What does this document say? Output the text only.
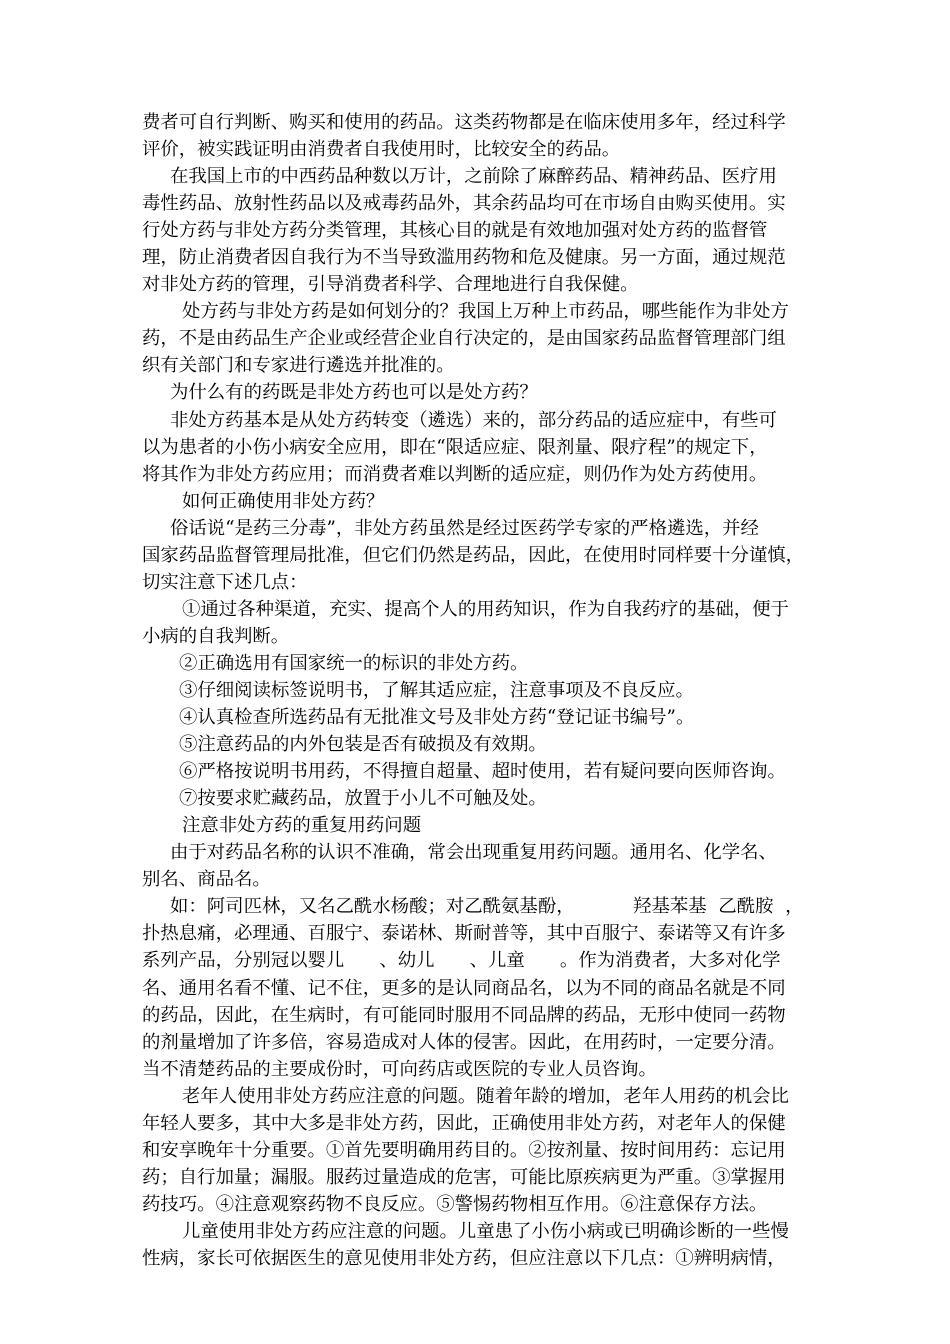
费者可自行判断、购买和使用的药品。这类药物都是在临床使用多年，经过科学
评价，被实践证明由消费者自我使用时，比较安全的药品。
在我国上市的中西药品种数以万计，之前除了麻醉药品、精神药品、医疗用
毒性药品、放射性药品以及戒毒药品外，其余药品均可在市场自由购买使用。实
行处方药与非处方药分类管理，其核心目的就是有效地加强对处方药的监督管
理，防止消费者因自我行为不当导致滥用药物和危及健康。另一方面，通过规范
对非处方药的管理，引导消费者科学、合理地进行自我保健。
处方药与非处方药是如何划分的？我国上万种上市药品，哪些能作为非处方
药，不是由药品生产企业或经营企业自行决定的，是由国家药品监督管理部门组
织有关部门和专家进行遴选并批准的。
为什么有的药既是非处方药也可以是处方药？
非处方药基本是从处方药转变（遴选）来的，部分药品的适应症中，有些可
以为患者的小伤小病安全应用，即在“限适应症、限剂量、限疗程”的规定下，
将其作为非处方药应用；而消费者难以判断的适应症，则仍作为处方药使用。
如何正确使用非处方药？
俗话说“是药三分毒”，非处方药虽然是经过医药学专家的严格遴选，并经
国家药品监督管理局批准，但它们仍然是药品，因此，在使用时同样要十分谨慎，
切实注意下述几点：
①通过各种渠道，充实、提高个人的用药知识，作为自我药疗的基础，便于
小病的自我判断。
②正确选用有国家统一的标识的非处方药。
③仔细阅读标签说明书，了解其适应症，注意事项及不良反应。
④认真检查所选药品有无批准文号及非处方药“登记证书编号”。
⑤注意药品的内外包装是否有破损及有效期。
⑥严格按说明书用药，不得擅自超量、超时使用，若有疑问要向医师咨询。
⑦按要求贮藏药品，放置于小儿不可触及处。
注意非处方药的重复用药问题
由于对药品名称的认识不准确，常会出现重复用药问题。通用名、化学名、
别名、商品名。
如：阿司匹林，又名乙酰水杨酸；对乙酰氨基酚，          羟基苯基  乙酰胺  ，
扑热息痛，必理通、百服宁、泰诺林、斯耐普等，其中百服宁、泰诺等又有许多
系列产品，分别冠以婴儿      、幼儿      、儿童      。作为消费者，大多对化学
名、通用名看不懂、记不住，更多的是认同商品名，以为不同的商品名就是不同
的药品，因此，在生病时，有可能同时服用不同品牌的药品，无形中使同一药物
的剂量增加了许多倍，容易造成对人体的侵害。因此，在用药时，一定要分清。
当不清楚药品的主要成份时，可向药店或医院的专业人员咨询。
老年人使用非处方药应注意的问题。随着年龄的增加，老年人用药的机会比
年轻人要多，其中大多是非处方药，因此，正确使用非处方药，对老年人的保健
和安享晚年十分重要。①首先要明确用药目的。②按剂量、按时间用药：忘记用
药；自行加量；漏服。服药过量造成的危害，可能比原疾病更为严重。③掌握用
药技巧。④注意观察药物不良反应。⑤警惕药物相互作用。⑥注意保存方法。
儿童使用非处方药应注意的问题。儿童患了小伤小病或已明确诊断的一些慢
性病，家长可依据医生的意见使用非处方药，但应注意以下几点：①辨明病情，
